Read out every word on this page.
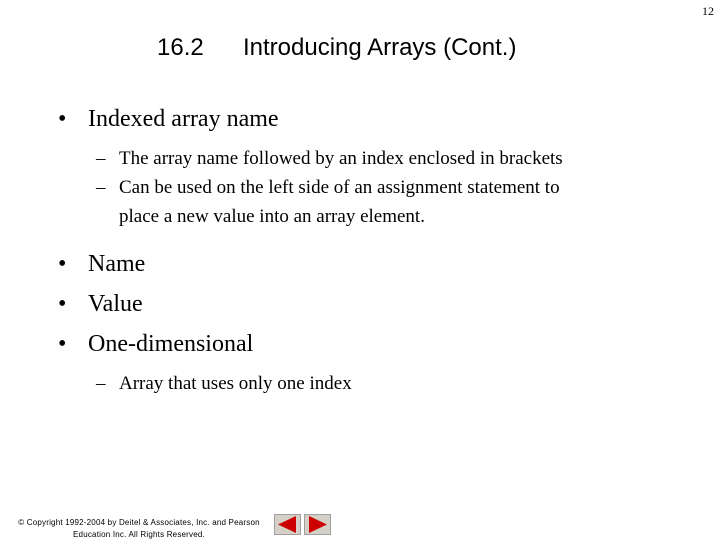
12
16.2 Introducing Arrays (Cont.)
• Indexed array name
– The array name followed by an index enclosed in brackets
– Can be used on the left side of an assignment statement to
place a new value into an array element.
• Name
• Value
• One-dimensional
– Array that uses only one index
© Copyright 1992-2004 by Deitel & Associates, Inc. and Pearson
Education Inc. All Rights Reserved.
